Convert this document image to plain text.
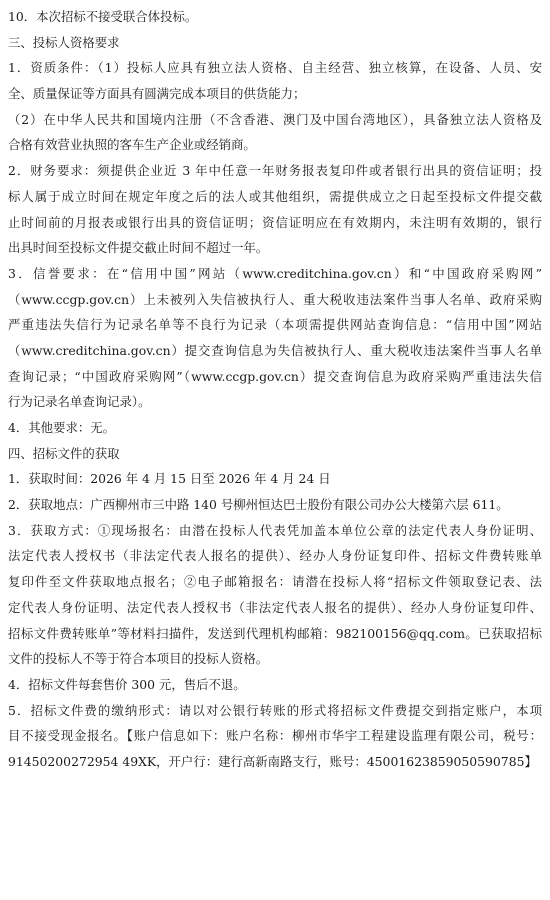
10．本次招标不接受联合体投标。
三、投标人资格要求
1．资质条件：（1）投标人应具有独立法人资格、自主经营、独立核算，在设备、人员、安
全、质量保证等方面具有圆满完成本项目的供货能力；
（2）在中华人民共和国境内注册（不含香港、澳门及中国台湾地区），具备独立法人资格及
合格有效营业执照的客车生产企业或经销商。
2．财务要求：须提供企业近 3 年中任意一年财务报表复印件或者银行出具的资信证明；投
标人属于成立时间在规定年度之后的法人或其他组织，需提供成立之日起至投标文件提交截
止时间前的月报表或银行出具的资信证明；资信证明应在有效期内，未注明有效期的，银行
出具时间至投标文件提交截止时间不超过一年。
3．信誉要求：在“信用中国”网站（www.creditchina.gov.cn）和“中国政府采购网”
（www.ccgp.gov.cn）上未被列入失信被执行人、重大税收违法案件当事人名单、政府采购
严重违法失信行为记录名单等不良行为记录（本项需提供网站查询信息：“信用中国”网站
（www.creditchina.gov.cn）提交查询信息为失信被执行人、重大税收违法案件当事人名单
查询记录；“中国政府采购网”（www.ccgp.gov.cn）提交查询信息为政府采购严重违法失信
行为记录名单查询记录）。
4．其他要求：无。
四、招标文件的获取
1．获取时间：2026 年 4 月 15 日至 2026 年 4 月 24 日
2．获取地点：广西柳州市三中路 140 号柳州恒达巴士股份有限公司办公大楼第六层 611。
3．获取方式：①现场报名：由潜在投标人代表凭加盖本单位公章的法定代表人身份证明、
法定代表人授权书（非法定代表人报名的提供）、经办人身份证复印件、招标文件费转账单
复印件至文件获取地点报名；②电子邮箱报名：请潜在投标人将“招标文件领取登记表、法
定代表人身份证明、法定代表人授权书（非法定代表人报名的提供）、经办人身份证复印件、
招标文件费转账单”等材料扫描件，发送到代理机构邮箱：982100156@qq.com。已获取招标
文件的投标人不等于符合本项目的投标人资格。
4．招标文件每套售价 300 元，售后不退。
5．招标文件费的缴纳形式：请以对公银行转账的形式将招标文件费提交到指定账户，本项
目不接受现金报名。【账户信息如下：账户名称：柳州市华宇工程建设监理有限公司，税号：
91450200272954 49XK，开户行：建行高新南路支行，账号：45001623859050590785】
